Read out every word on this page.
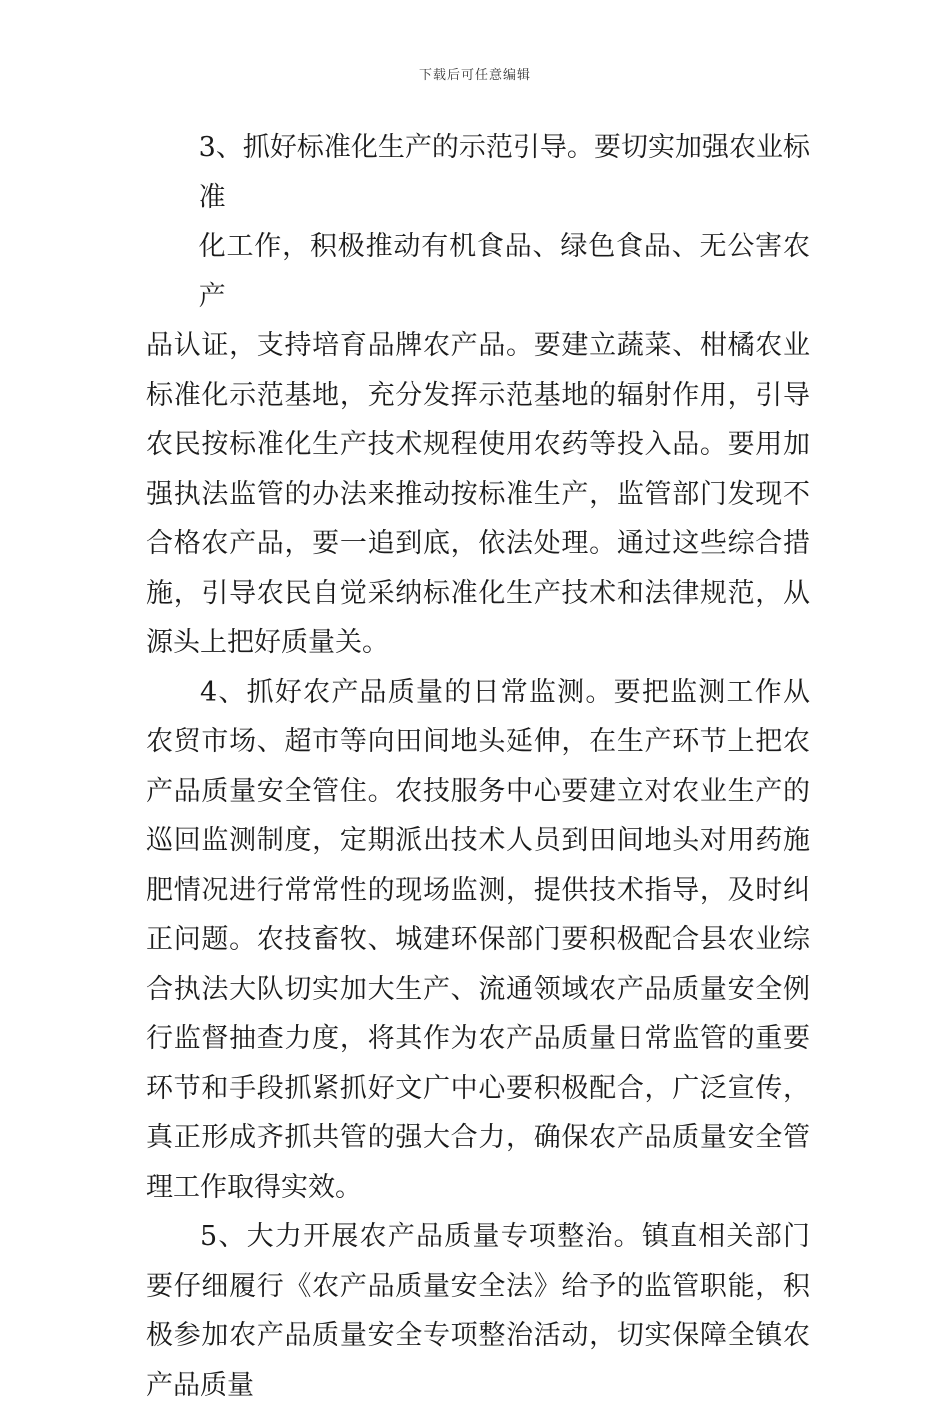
下载后可任意编辑
3、抓好标准化生产的示范引导。要切实加强农业标准
化工作，积极推动有机食品、绿色食品、无公害农产
品认证，支持培育品牌农产品。要建立蔬菜、柑橘农业标准化示范基地，充分发挥示范基地的辐射作用，引导农民按标准化生产技术规程使用农药等投入品。要用加强执法监管的办法来推动按标准生产，监管部门发现不合格农产品，要一追到底，依法处理。通过这些综合措施，引导农民自觉采纳标准化生产技术和法律规范，从源头上把好质量关。

4、抓好农产品质量的日常监测。要把监测工作从农贸市场、超市等向田间地头延伸，在生产环节上把农产品质量安全管住。农技服务中心要建立对农业生产的巡回监测制度，定期派出技术人员到田间地头对用药施肥情况进行常常性的现场监测，提供技术指导，及时纠正问题。农技畜牧、城建环保部门要积极配合县农业综合执法大队切实加大生产、流通领域农产品质量安全例行监督抽查力度，将其作为农产品质量日常监管的重要环节和手段抓紧抓好文广中心要积极配合，广泛宣传，真正形成齐抓共管的强大合力，确保农产品质量安全管理工作取得实效。

5、大力开展农产品质量专项整治。镇直相关部门要仔细履行《农产品质量安全法》给予的监管职能，积极参加农产品质量安全专项整治活动，切实保障全镇农产品质量
